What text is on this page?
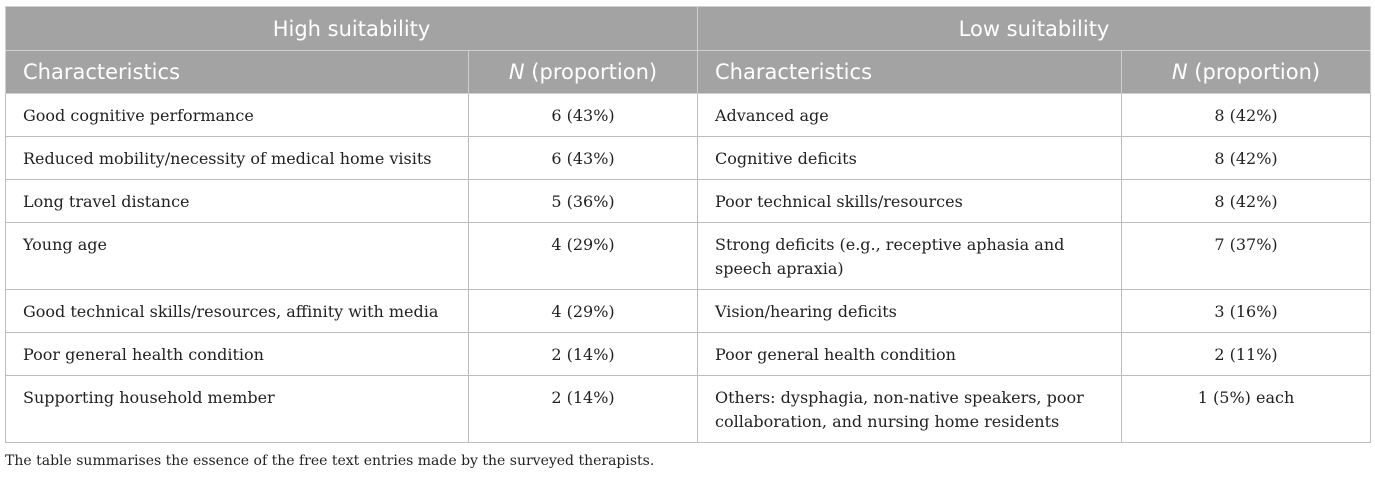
High suitability		Low suitability	
Characteristics	N (proportion)	Characteristics	N (proportion)
Good cognitive performance	6 (43%)	Advanced age	8 (42%)
Reduced mobility/necessity of medical home visits	6 (43%)	Cognitive deficits	8 (42%)
Long travel distance	5 (36%)	Poor technical skills/resources	8 (42%)
Young age	4 (29%)	Strong deficits (e.g., receptive aphasia and speech apraxia)	7 (37%)
Good technical skills/resources, affinity with media	4 (29%)	Vision/hearing deficits	3 (16%)
Poor general health condition	2 (14%)	Poor general health condition	2 (11%)
Supporting household member	2 (14%)	Others: dysphagia, non-native speakers, poor collaboration, and nursing home residents	1 (5%) each
The table summarises the essence of the free text entries made by the surveyed therapists.
